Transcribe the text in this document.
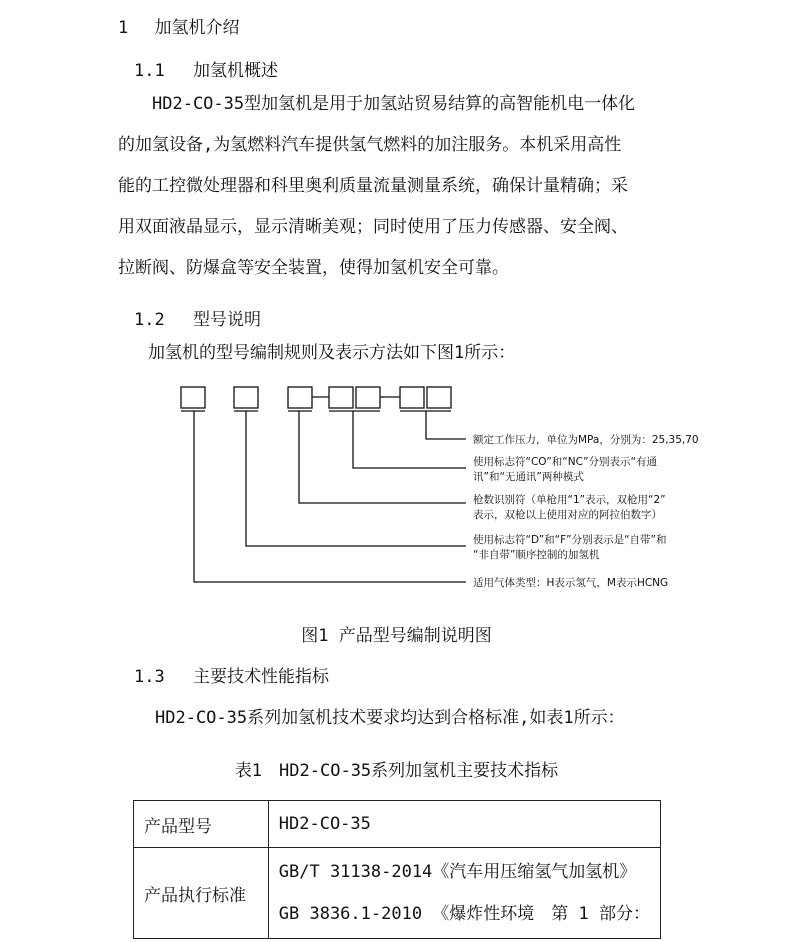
1 加氢机介绍
1.1 加氢机概述
　　HD2-CO-35型加氢机是用于加氢站贸易结算的高智能机电一体化
的加氢设备,为氢燃料汽车提供氢气燃料的加注服务。本机采用高性
能的工控微处理器和科里奥利质量流量测量系统，确保计量精确；采
用双面液晶显示，显示清晰美观；同时使用了压力传感器、安全阀、
拉断阀、防爆盒等安全装置，使得加氢机安全可靠。
1.2 型号说明
加氢机的型号编制规则及表示方法如下图1所示：
额定工作压力，单位为MPa，分别为：25,35,70
使用标志符“CO”和“NC”分别表示“有通
讯”和“无通讯”两种模式
枪数识别符（单枪用“1”表示，双枪用“2”
表示，双枪以上使用对应的阿拉伯数字）
使用标志符“D”和“F”分别表示是“自带”和
“非自带”顺序控制的加氢机
适用气体类型：H表示氢气，M表示HCNG
图1 产品型号编制说明图
1.3 主要技术性能指标
HD2-CO-35系列加氢机技术要求均达到合格标准,如表1所示：
表1　HD2-CO-35系列加氢机主要技术指标
产品型号	HD2-CO-35
产品执行标准	GB/T 31138-2014《汽车用压缩氢气加氢机》
GB 3836.1-2010 《爆炸性环境　第 1 部分：
